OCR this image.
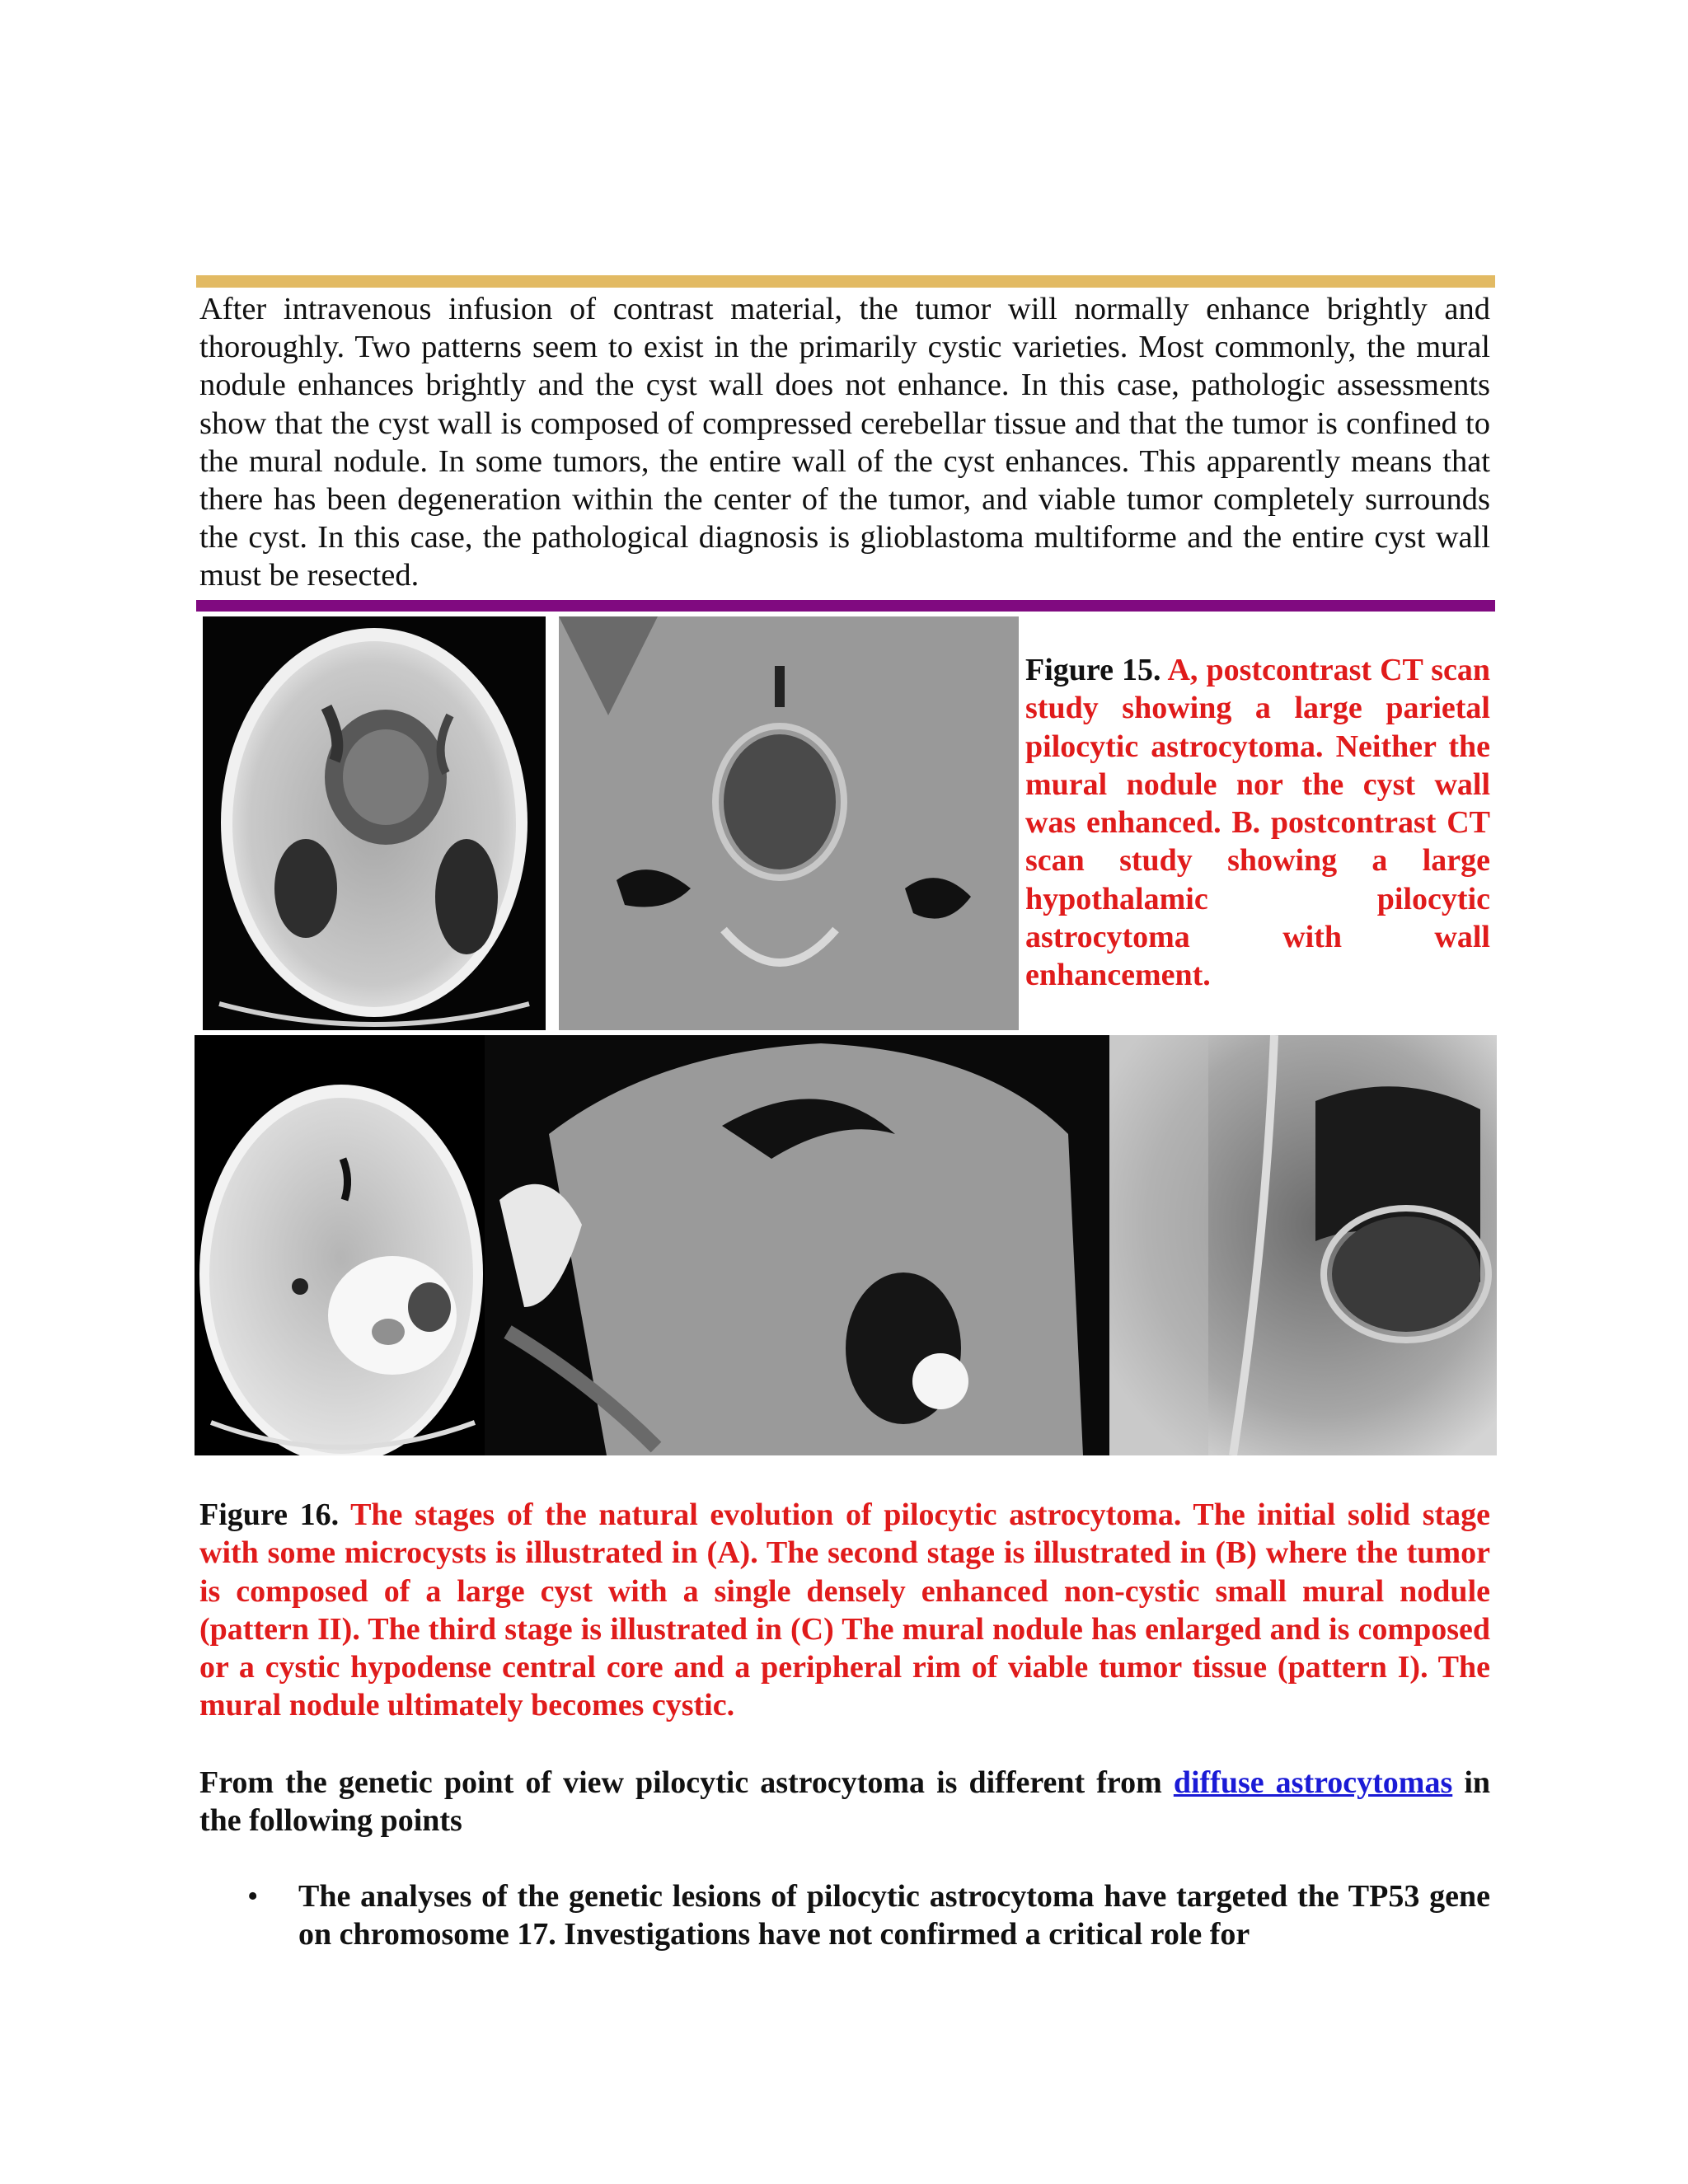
After intravenous infusion of contrast material, the tumor will normally enhance brightly and thoroughly. Two patterns seem to exist in the primarily cystic varieties. Most commonly, the mural nodule enhances brightly and the cyst wall does not enhance. In this case, pathologic assessments show that the cyst wall is composed of compressed cerebellar tissue and that the tumor is confined to the mural nodule. In some tumors, the entire wall of the cyst enhances. This apparently means that there has been degeneration within the center of the tumor, and viable tumor completely surrounds the cyst. In this case, the pathological diagnosis is glioblastoma multiforme and the entire cyst wall must be resected.

Figure 15. A, postcontrast CT scan study showing a large parietal pilocytic astrocytoma. Neither the mural nodule nor the cyst wall was enhanced. B. postcontrast CT scan study showing a large hypothalamic pilocytic astrocytoma with wall enhancement.

Figure 16. The stages of the natural evolution of pilocytic astrocytoma. The initial solid stage with some microcysts is illustrated in (A). The second stage is illustrated in (B) where the tumor is composed of a large cyst with a single densely enhanced non-cystic small mural nodule (pattern II). The third stage is illustrated in (C) The mural nodule has enlarged and is composed or a cystic hypodense central core and a peripheral rim of viable tumor tissue (pattern I). The mural nodule ultimately becomes cystic.

From the genetic point of view pilocytic astrocytoma is different from diffuse astrocytomas in the following points

• The analyses of the genetic lesions of pilocytic astrocytoma have targeted the TP53 gene on chromosome 17. Investigations have not confirmed a critical role for
